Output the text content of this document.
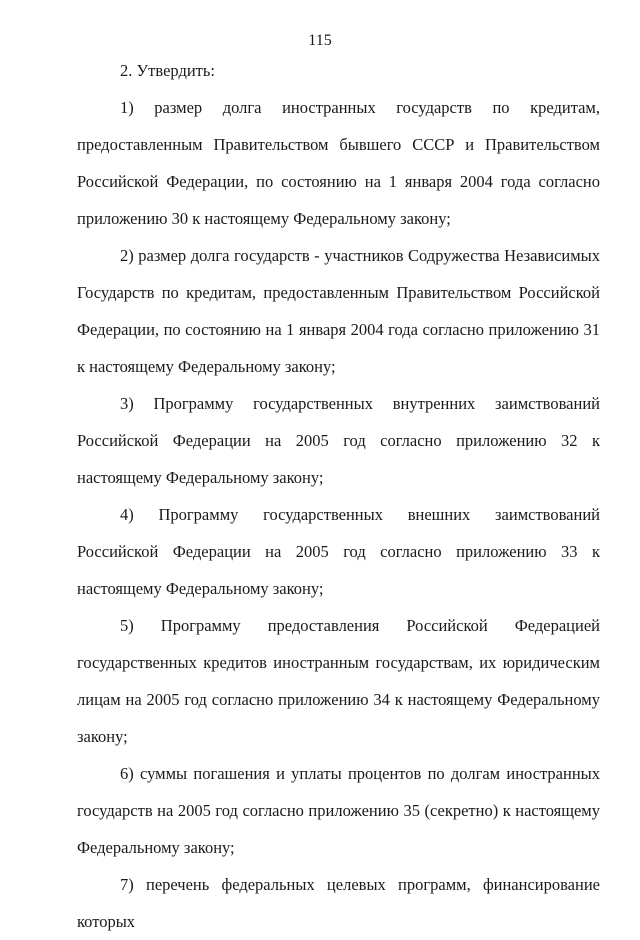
115

2. Утвердить:

1) размер долга иностранных государств по кредитам, предоставленным Правительством бывшего СССР и Правительством Российской Федерации, по состоянию на 1 января 2004 года согласно приложению 30 к настоящему Федеральному закону;

2) размер долга государств - участников Содружества Независимых Государств по кредитам, предоставленным Правительством Российской Федерации, по состоянию на 1 января 2004 года согласно приложению 31 к настоящему Федеральному закону;

3) Программу государственных внутренних заимствований Российской Федерации на 2005 год согласно приложению 32 к настоящему Федеральному закону;

4) Программу государственных внешних заимствований Российской Федерации на 2005 год согласно приложению 33 к настоящему Федеральному закону;

5) Программу предоставления Российской Федерацией государственных кредитов иностранным государствам, их юридическим лицам на 2005 год согласно приложению 34 к настоящему Федеральному закону;

6) суммы погашения и уплаты процентов по долгам иностранных государств на 2005 год согласно приложению 35 (секретно) к настоящему Федеральному закону;

7) перечень федеральных целевых программ, финансирование которых
